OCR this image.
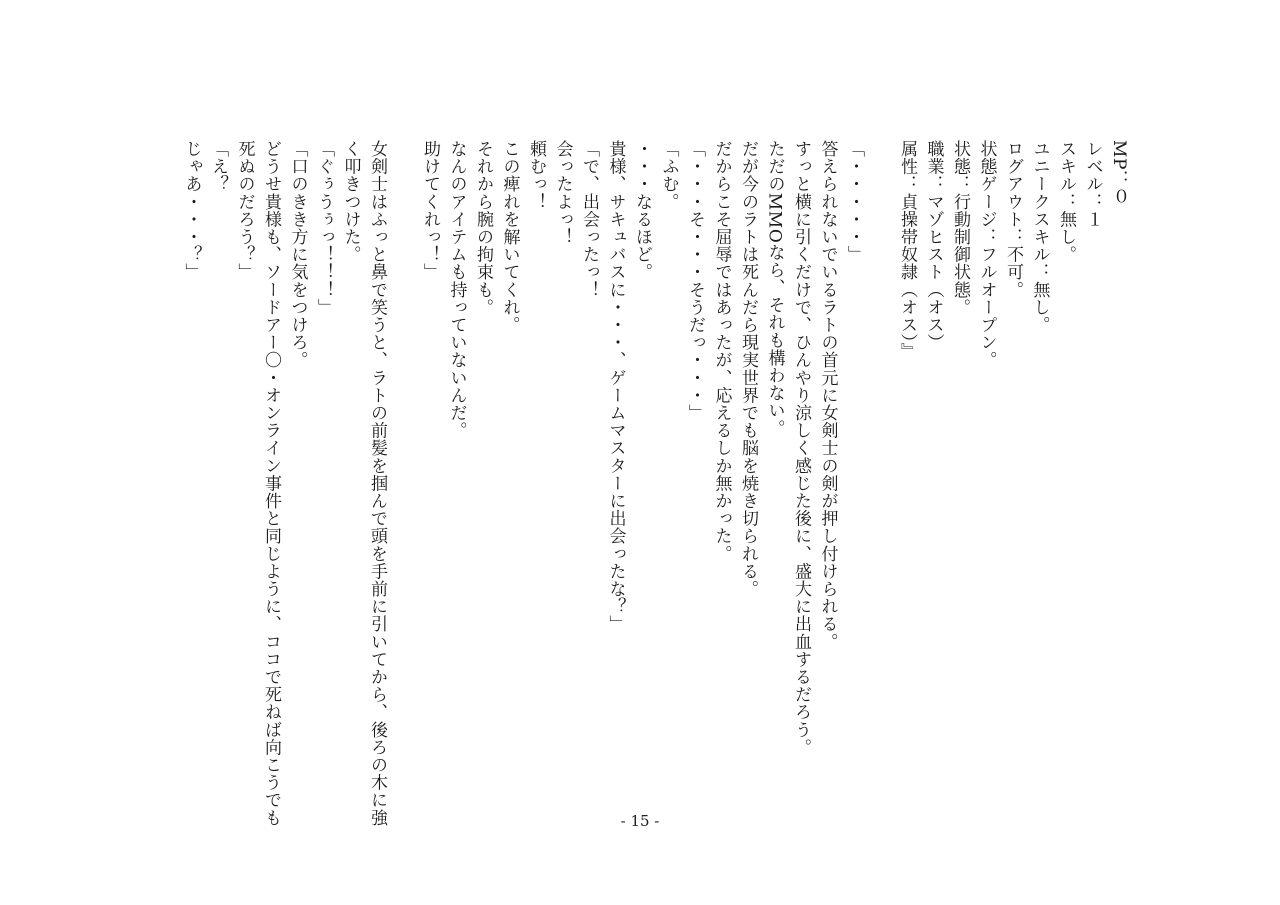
MP：０
レベル：１
スキル：無し。
ユニークスキル：無し。
ログアウト：不可。
状態ゲージ：フルオープン。
状態：行動制御状態。
職業：マゾヒスト（オス）
属性：貞操帯奴隷（オス）』
「・・・・・」
答えられないでいるラトの首元に女剣士の剣が押し付けられる。
すっと横に引くだけで、ひんやり涼しく感じた後に、盛大に出血するだろう。
ただのMMOなら、それも構わない。
だが今のラトは死んだら現実世界でも脳を焼き切られる。
だからこそ屈辱ではあったが、応えるしか無かった。
「・・・そ・・・そうだっ・・・」
「ふむ。
・・・なるほど。
貴様、サキュバスに・・・、ゲームマスターに出会ったな？」
「で、出会ったっ！
会ったよっ！
頼むっ！
この痺れを解いてくれ。
それから腕の拘束も。
なんのアイテムも持っていないんだ。
助けてくれっ！」
女剣士はふっと鼻で笑うと、ラトの前髪を掴んで頭を手前に引いてから、後ろの木に強
く叩きつけた。
「ぐぅうぅっ！！！」
「口のきき方に気をつけろ。
どうせ貴様も、ソードアー〇・オンライン事件と同じように、ココで死ねば向こうでも
死ぬのだろう？」
「え？
じゃあ・・・？」
- 15 -
